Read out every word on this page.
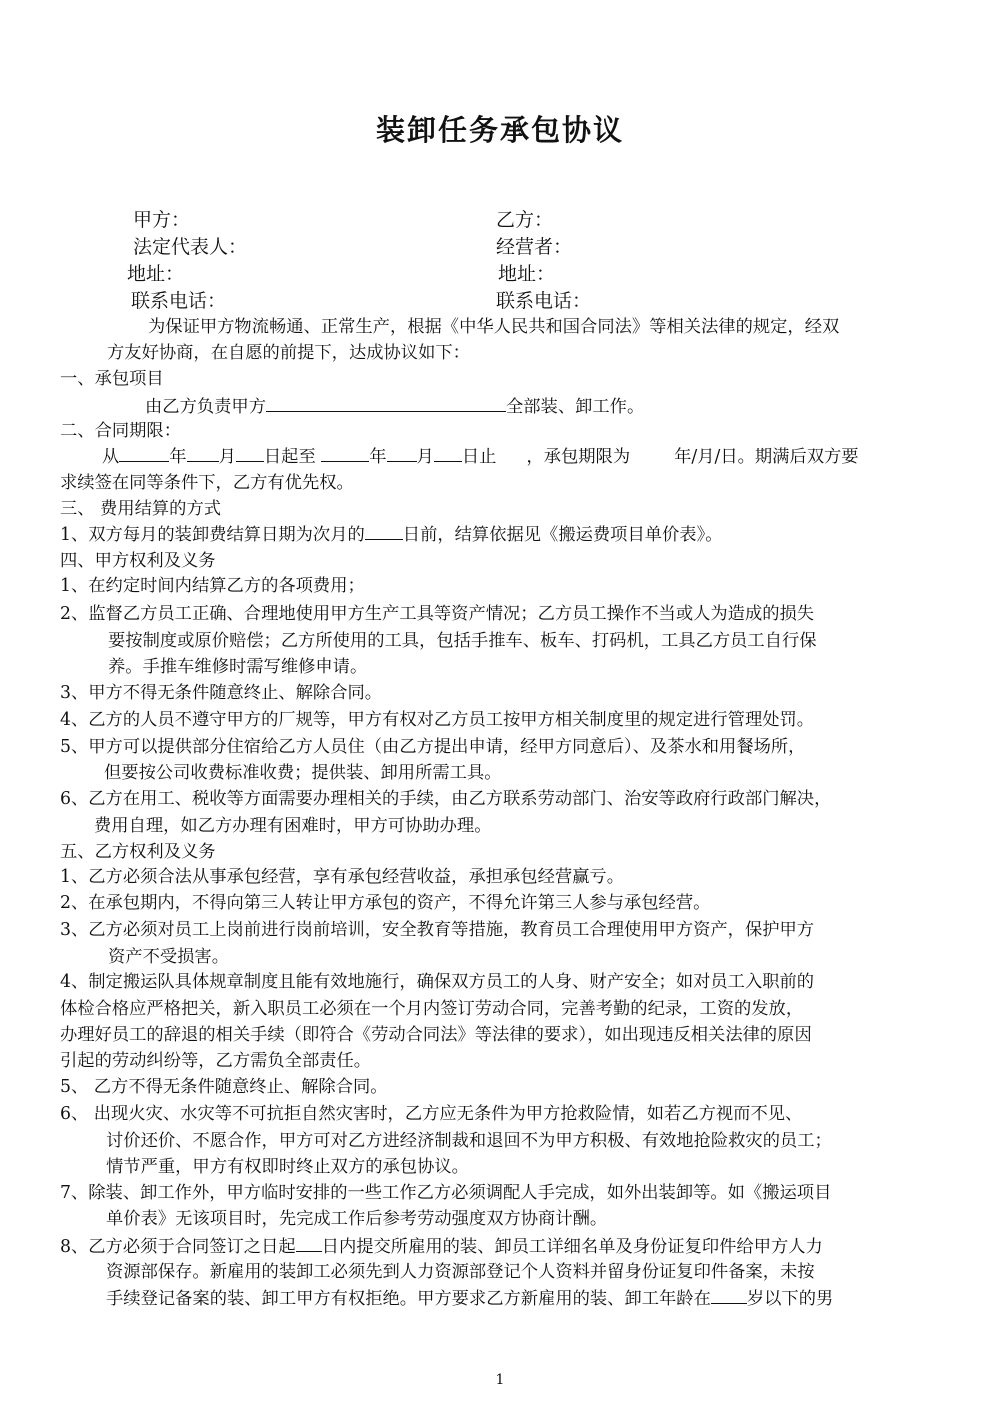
装卸任务承包协议
甲方：	乙方：
法定代表人：	经营者：
地址：	地址：
联系电话：	联系电话：
为保证甲方物流畅通、正常生产，根据《中华人民共和国合同法》等相关法律的规定，经双
方友好协商，在自愿的前提下，达成协议如下：
一、承包项目
由乙方负责甲方	全部装、卸工作。
二、合同期限：
从	年 月 日起至	年 月 日止 ，承包期限为	年/月/日。期满后双方要
求续签在同等条件下，乙方有优先权。
三、 费用结算的方式
1、双方每月的装卸费结算日期为次月的 日前，结算依据见《搬运费项目单价表》。
四、甲方权利及义务
1、在约定时间内结算乙方的各项费用；
2、监督乙方员工正确、合理地使用甲方生产工具等资产情况；乙方员工操作不当或人为造成的损失
要按制度或原价赔偿；乙方所使用的工具，包括手推车、板车、打码机，工具乙方员工自行保
养。手推车维修时需写维修申请。
3、甲方不得无条件随意终止、解除合同。
4、乙方的人员不遵守甲方的厂规等，甲方有权对乙方员工按甲方相关制度里的规定进行管理处罚。
5、甲方可以提供部分住宿给乙方人员住（由乙方提出申请，经甲方同意后）、及茶水和用餐场所，
但要按公司收费标准收费；提供装、卸用所需工具。
6、乙方在用工、税收等方面需要办理相关的手续，由乙方联系劳动部门、治安等政府行政部门解决，
费用自理，如乙方办理有困难时，甲方可协助办理。
五、乙方权利及义务
1、乙方必须合法从事承包经营，享有承包经营收益，承担承包经营赢亏。
2、在承包期内，不得向第三人转让甲方承包的资产，不得允许第三人参与承包经营。
3、乙方必须对员工上岗前进行岗前培训，安全教育等措施，教育员工合理使用甲方资产，保护甲方
资产不受损害。
4、制定搬运队具体规章制度且能有效地施行，确保双方员工的人身、财产安全；如对员工入职前的
体检合格应严格把关，新入职员工必须在一个月内签订劳动合同，完善考勤的纪录，工资的发放，
办理好员工的辞退的相关手续（即符合《劳动合同法》等法律的要求），如出现违反相关法律的原因
引起的劳动纠纷等，乙方需负全部责任。
5、 乙方不得无条件随意终止、解除合同。
6、 出现火灾、水灾等不可抗拒自然灾害时，乙方应无条件为甲方抢救险情，如若乙方视而不见、
讨价还价、不愿合作，甲方可对乙方进经济制裁和退回不为甲方积极、有效地抢险救灾的员工；
情节严重，甲方有权即时终止双方的承包协议。
7、除装、卸工作外，甲方临时安排的一些工作乙方必须调配人手完成，如外出装卸等。如《搬运项目
单价表》无该项目时，先完成工作后参考劳动强度双方协商计酬。
8、乙方必须于合同签订之日起 日内提交所雇用的装、卸员工详细名单及身份证复印件给甲方人力
资源部保存。新雇用的装卸工必须先到人力资源部登记个人资料并留身份证复印件备案，未按
手续登记备案的装、卸工甲方有权拒绝。甲方要求乙方新雇用的装、卸工年龄在 岁以下的男
1
